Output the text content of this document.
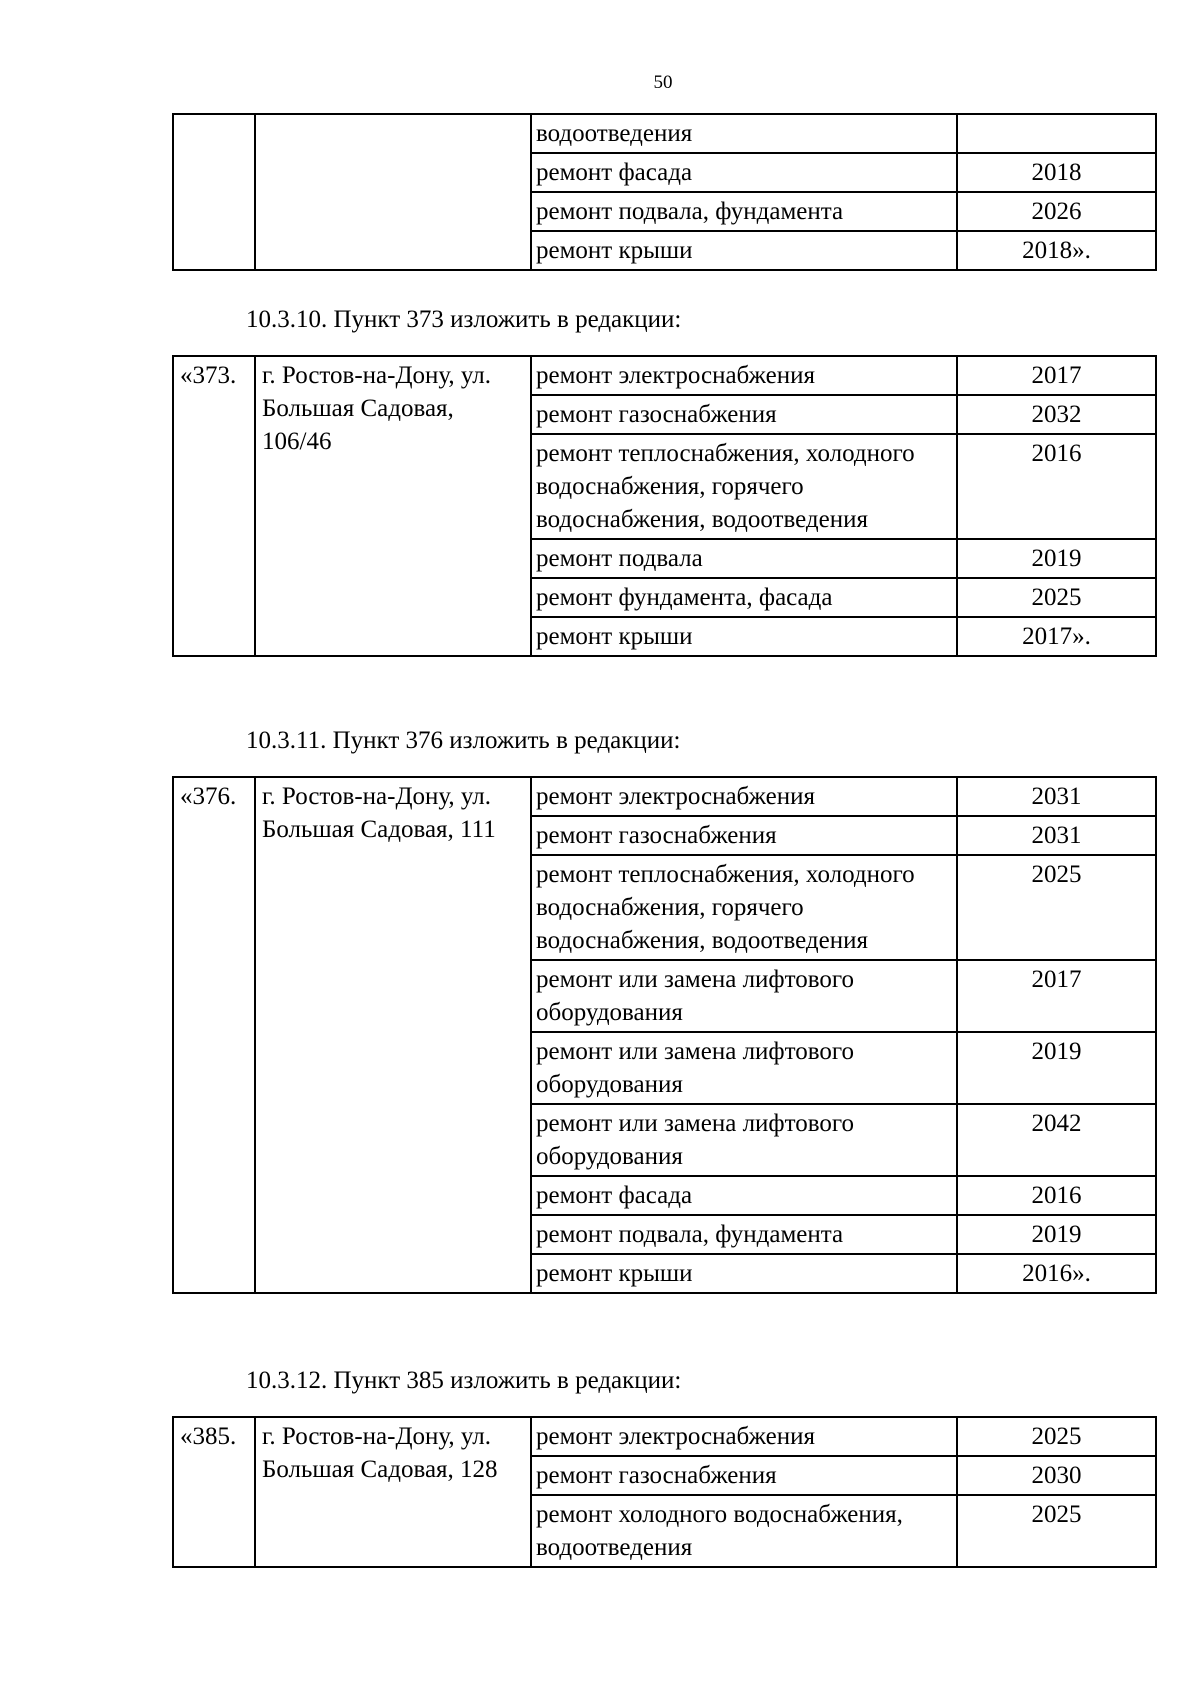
50
		водоотведения	
		ремонт фасада	2018
		ремонт подвала, фундамента	2026
		ремонт крыши	2018».
10.3.10. Пункт 373 изложить в редакции:
«373.	г. Ростов-на-Дону, ул. Большая Садовая, 106/46	ремонт электроснабжения	2017
		ремонт газоснабжения	2032
		ремонт теплоснабжения, холодного водоснабжения, горячего водоснабжения, водоотведения	2016
		ремонт подвала	2019
		ремонт фундамента, фасада	2025
		ремонт крыши	2017».
10.3.11. Пункт 376 изложить в редакции:
«376.	г. Ростов-на-Дону, ул. Большая Садовая, 111	ремонт электроснабжения	2031
		ремонт газоснабжения	2031
		ремонт теплоснабжения, холодного водоснабжения, горячего водоснабжения, водоотведения	2025
		ремонт или замена лифтового оборудования	2017
		ремонт или замена лифтового оборудования	2019
		ремонт или замена лифтового оборудования	2042
		ремонт фасада	2016
		ремонт подвала, фундамента	2019
		ремонт крыши	2016».
10.3.12. Пункт 385 изложить в редакции:
«385.	г. Ростов-на-Дону, ул. Большая Садовая, 128	ремонт электроснабжения	2025
		ремонт газоснабжения	2030
		ремонт холодного водоснабжения, водоотведения	2025
